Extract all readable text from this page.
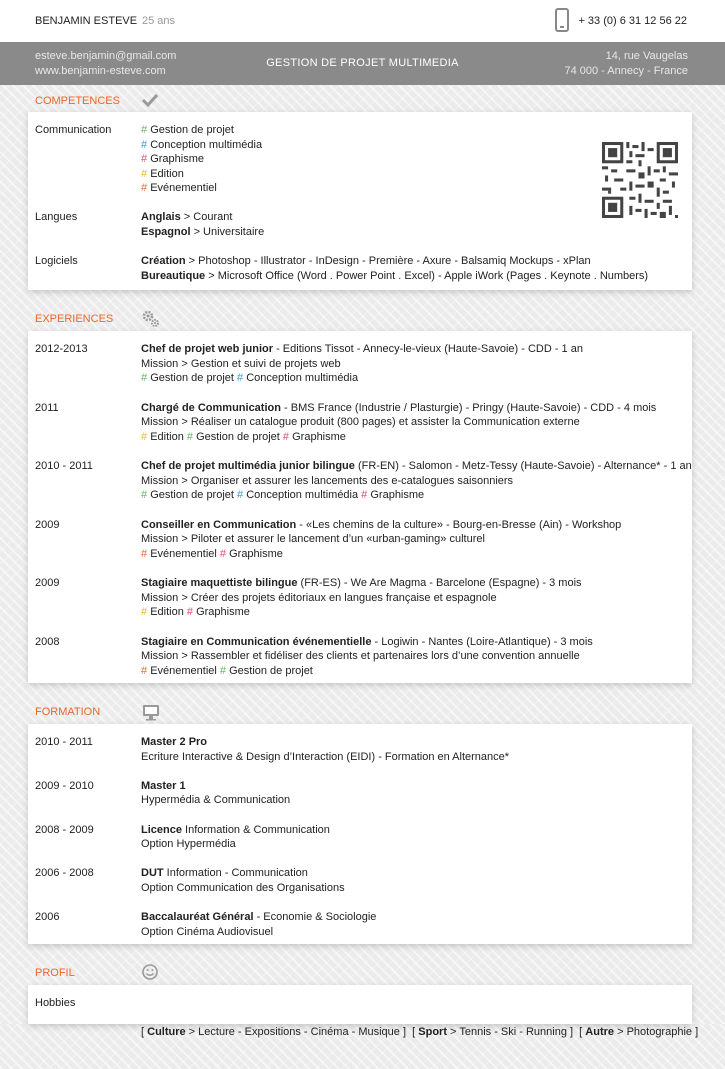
BENJAMIN ESTEVE 25 ans	+ 33 (0) 6 31 12 56 22
esteve.benjamin@gmail.com
www.benjamin-esteve.com
GESTION DE PROJET MULTIMEDIA
14, rue Vaugelas
74 000 - Annecy - France
COMPETENCES
Communication	# Gestion de projet
# Conception multimédia
# Graphisme
# Edition
# Evénementiel
Langues	Anglais > Courant
Espagnol > Universitaire
Logiciels	Création > Photoshop - Illustrator - InDesign - Première - Axure - Balsamiq Mockups - xPlan
Bureautique > Microsoft Office (Word . Power Point . Excel) - Apple iWork (Pages . Keynote . Numbers)
EXPERIENCES
2012-2013	Chef de projet web junior - Editions Tissot - Annecy-le-vieux (Haute-Savoie) - CDD - 1 an
Mission > Gestion et suivi de projets web
# Gestion de projet # Conception multimédia
2011	Chargé de Communication - BMS France (Industrie / Plasturgie) - Pringy (Haute-Savoie) - CDD - 4 mois
Mission > Réaliser un catalogue produit (800 pages) et assister la Communication externe
# Edition # Gestion de projet # Graphisme
2010 - 2011	Chef de projet multimédia junior bilingue (FR-EN) - Salomon - Metz-Tessy (Haute-Savoie) - Alternance* - 1 an
Mission > Organiser et assurer les lancements des e-catalogues saisonniers
# Gestion de projet # Conception multimédia # Graphisme
2009	Conseiller en Communication - «Les chemins de la culture» - Bourg-en-Bresse (Ain) - Workshop
Mission > Piloter et assurer le lancement d’un «urban-gaming» culturel
# Evénementiel # Graphisme
2009	Stagiaire maquettiste bilingue (FR-ES) - We Are Magma - Barcelone (Espagne) - 3 mois
Mission > Créer des projets éditoriaux en langues française et espagnole
# Edition # Graphisme
2008	Stagiaire en Communication événementielle - Logiwin - Nantes (Loire-Atlantique) - 3 mois
Mission > Rassembler et fidéliser des clients et partenaires lors d’une convention annuelle
# Evénementiel # Gestion de projet
FORMATION
2010 - 2011	Master 2 Pro
Ecriture Interactive & Design d’Interaction (EIDI) - Formation en Alternance*
2009 - 2010	Master 1
Hypermédia & Communication
2008 - 2009	Licence Information & Communication
Option Hypermédia
2006 - 2008	DUT Information - Communication
Option Communication des Organisations
2006	Baccalauréat Général - Economie & Sociologie
Option Cinéma Audiovisuel
PROFIL
Hobbies

[ Culture > Lecture - Expositions - Cinéma - Musique ]  [ Sport > Tennis - Ski - Running ]  [ Autre > Photographie ]
